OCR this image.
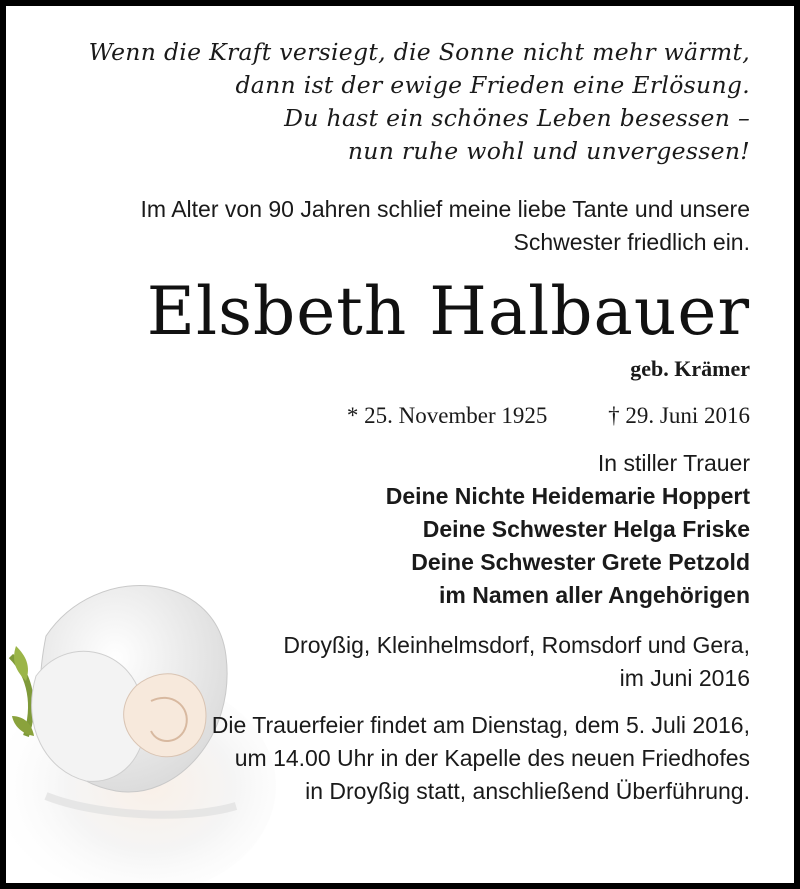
Wenn die Kraft versiegt, die Sonne nicht mehr wärmt,
dann ist der ewige Frieden eine Erlösung.
Du hast ein schönes Leben besessen –
nun ruhe wohl und unvergessen!
Im Alter von 90 Jahren schlief meine liebe Tante und unsere
Schwester friedlich ein.
Elsbeth Halbauer
geb. Krämer
* 25. November 1925	† 29. Juni 2016
In stiller Trauer
Deine Nichte Heidemarie Hoppert
Deine Schwester Helga Friske
Deine Schwester Grete Petzold
im Namen aller Angehörigen
Droyßig, Kleinhelmsdorf, Romsdorf und Gera,
im Juni 2016
Die Trauerfeier findet am Dienstag, dem 5. Juli 2016,
um 14.00 Uhr in der Kapelle des neuen Friedhofes
in Droyßig statt, anschließend Überführung.
